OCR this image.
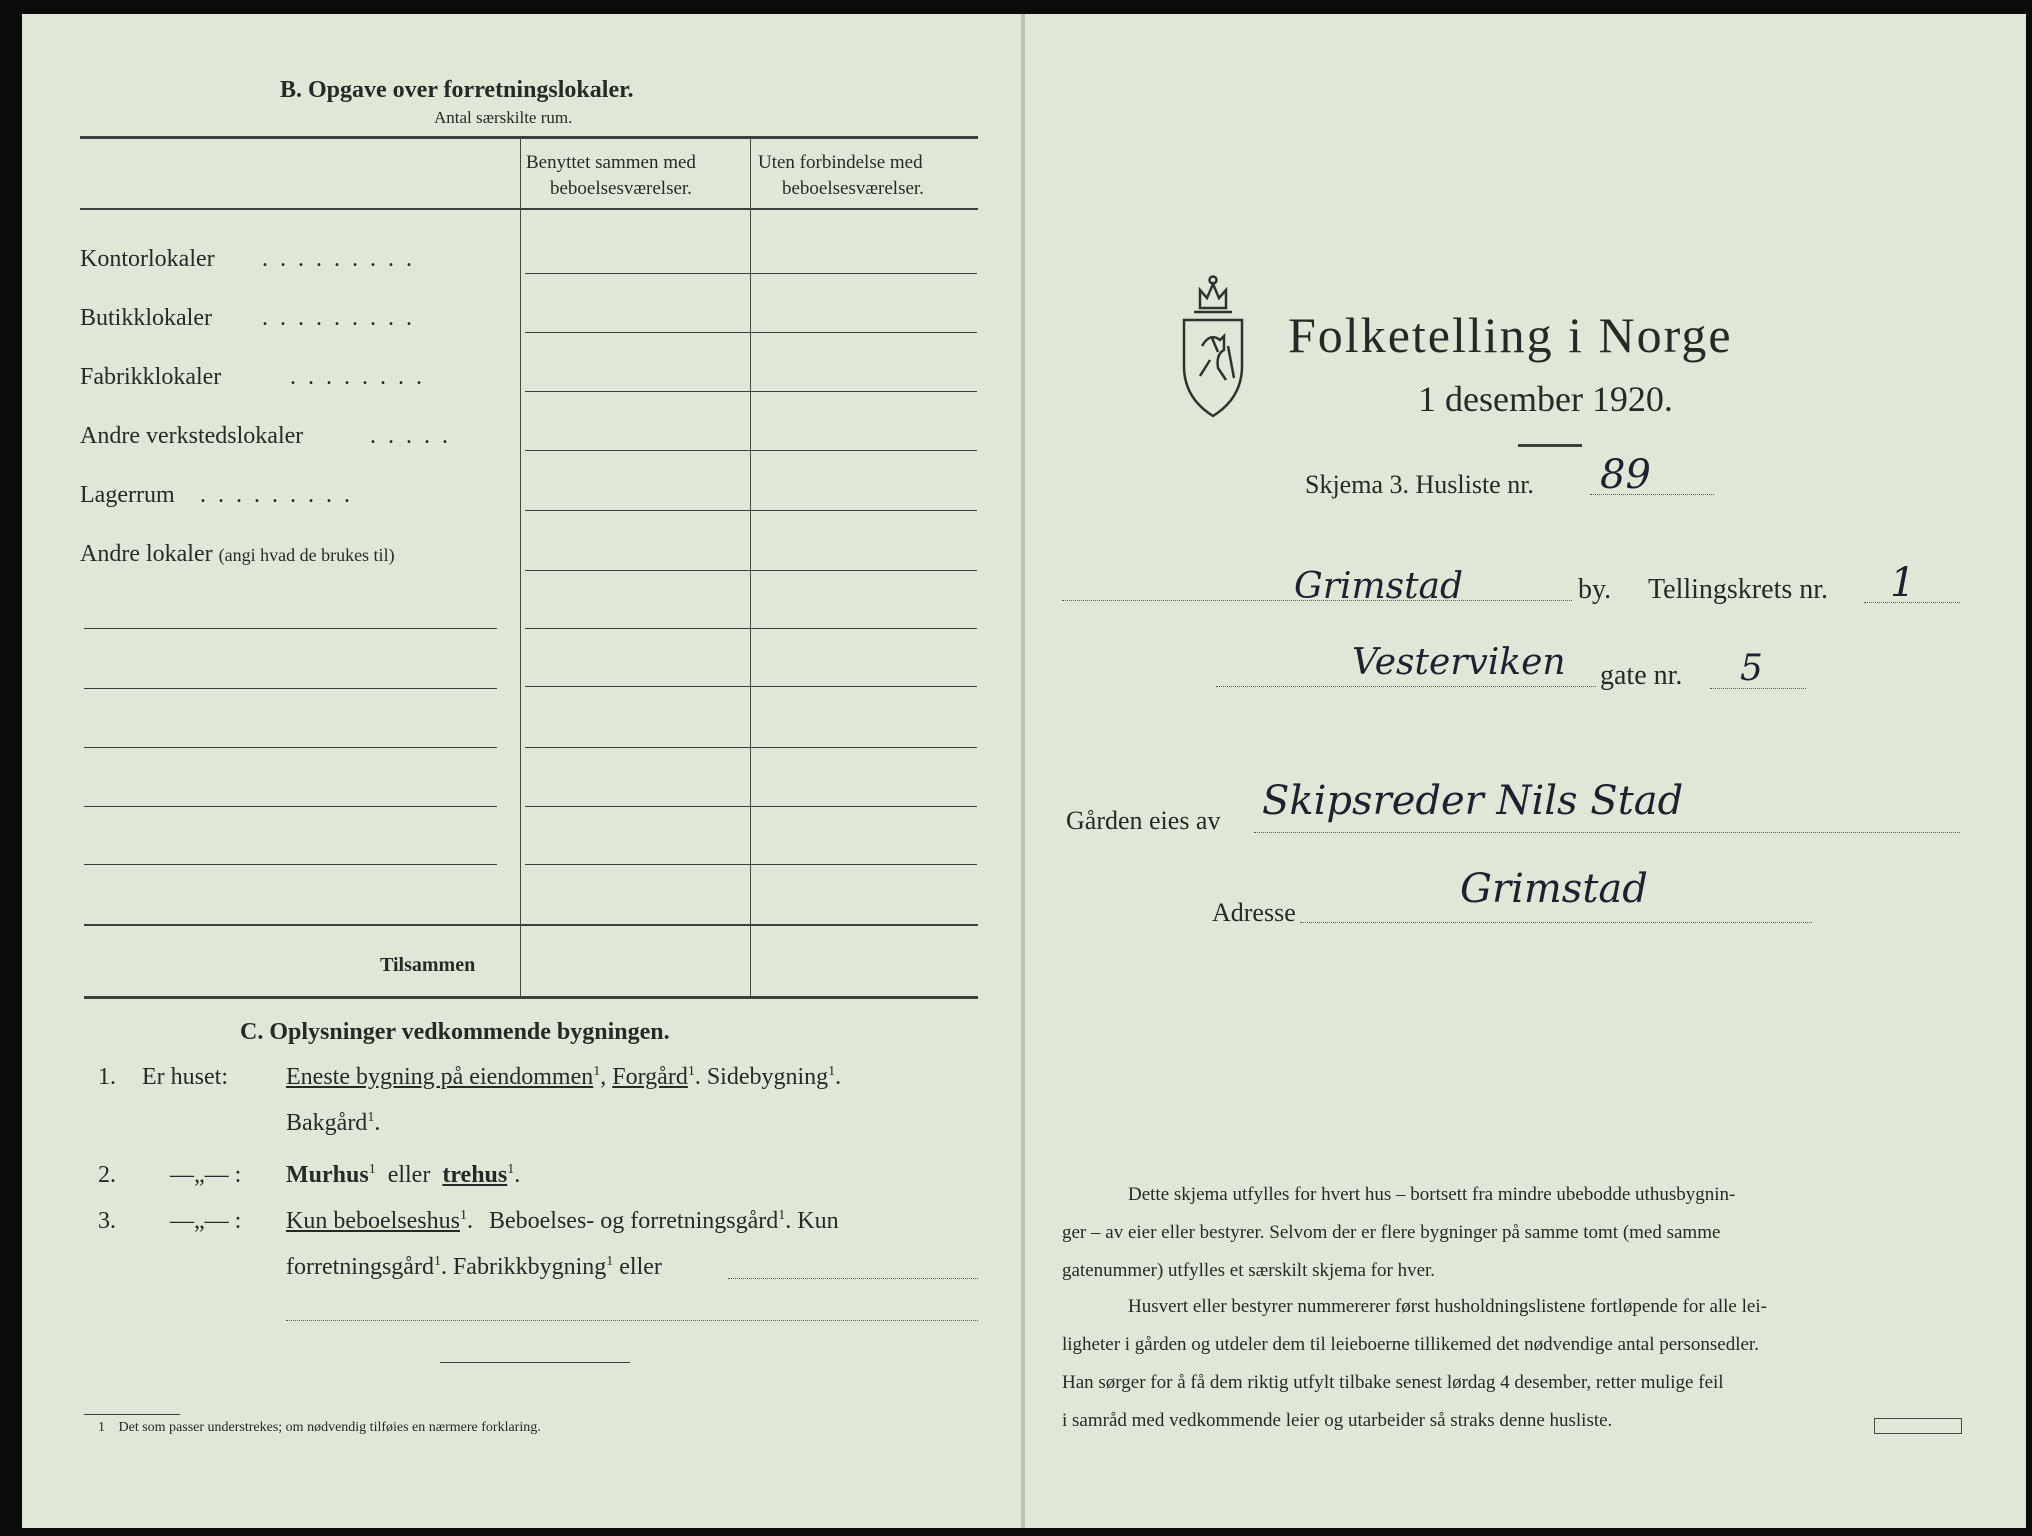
B. Opgave over forretningslokaler.
Antal særskilte rum.
Benyttet sammen med
beboelsesværelser.
Uten forbindelse med
beboelsesværelser.
Kontorlokaler . . . . . . . . .
Butikklokaler . . . . . . . . .
Fabrikklokaler	. . . . . . . .
Andre verkstedslokaler	. . . . .
Lagerrum . . . . . . . . .
Andre lokaler (angi hvad de brukes til)
Tilsammen
C. Oplysninger vedkommende bygningen.
1. Er huset: Eneste bygning på eiendommen$^1$, Forgård$^1$. Sidebygning$^1$.
Bakgård$^1$.
2. —„— : Murhus$^1$ eller trehus$^1$.
3. —„— : Kun beboelseshus$^1$. Beboelses- og forretningsgård$^1$. Kun
forretningsgård$^1$. Fabrikkbygning$^1$ eller
1 Det som passer understrekes; om nødvendig tilføies en nærmere forklaring.
Folketelling i Norge
1 desember 1920.
Skjema 3. Husliste nr. 89
Grimstad	by. Tellingskrets nr. 1
Vesterviken gate nr. 5
Gården eies av Skipsreder Nils Stad
Adresse
Grimstad
Dette skjema utfylles for hvert hus – bortsett fra mindre ubebodde uthusbygnin-
ger – av eier eller bestyrer. Selvom der er flere bygninger på samme tomt (med samme
gatenummer) utfylles et særskilt skjema for hver.
Husvert eller bestyrer nummererer først husholdningslistene fortløpende for alle lei-
ligheter i gården og utdeler dem til leieboerne tillikemed det nødvendige antal personsedler.
Han sørger for å få dem riktig utfylt tilbake senest lørdag 4 desember, retter mulige feil
i samråd med vedkommende leier og utarbeider så straks denne husliste.
